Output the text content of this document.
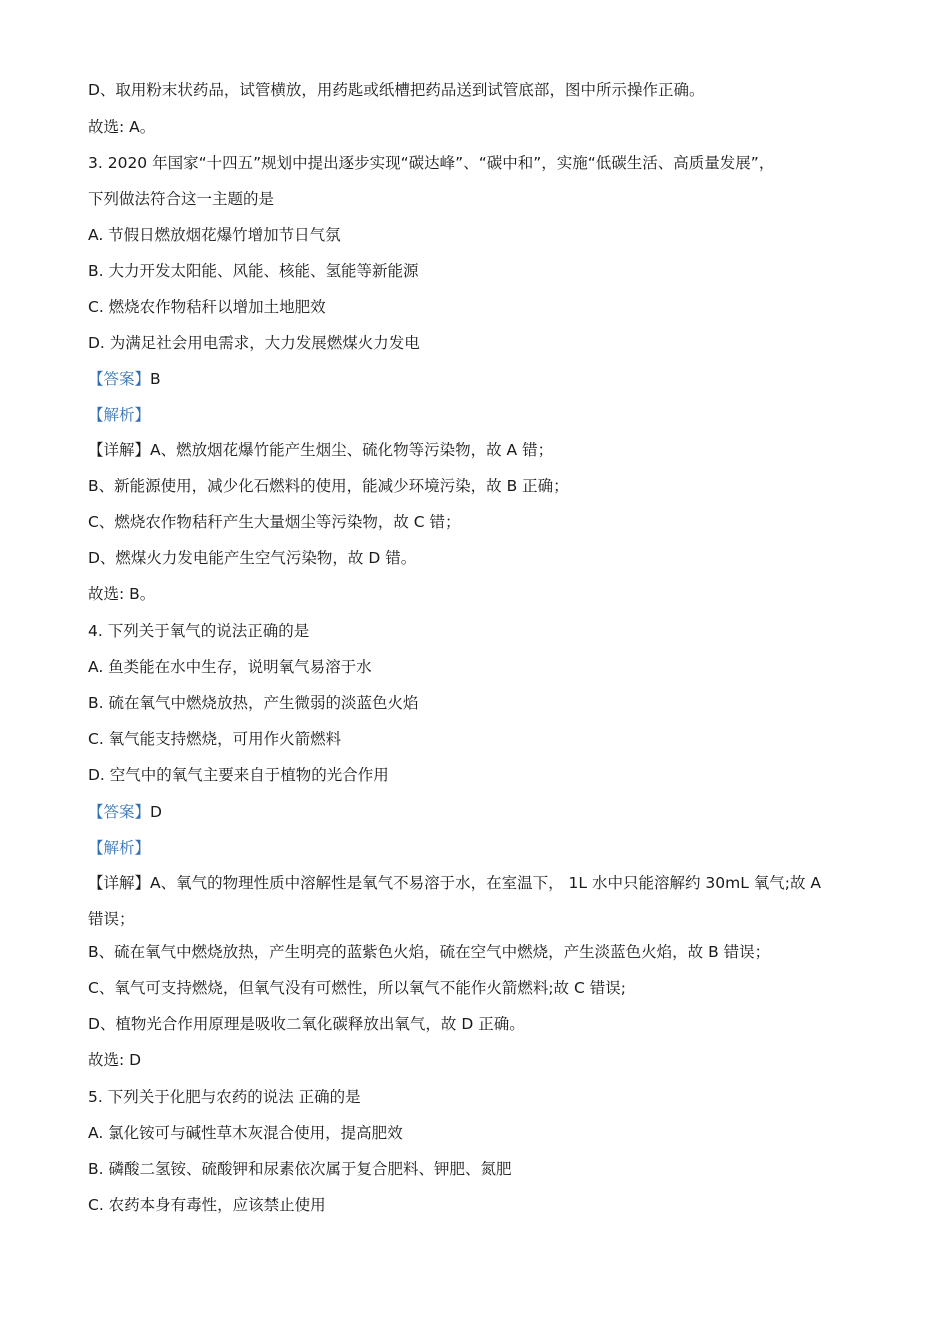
D、取用粉末状药品，试管横放，用药匙或纸槽把药品送到试管底部，图中所示操作正确。
故选: A。
3. 2020 年国家“十四五”规划中提出逐步实现“碳达峰”、“碳中和”，实施“低碳生活、高质量发展”，
下列做法符合这一主题的是
A. 节假日燃放烟花爆竹增加节日气氛
B. 大力开发太阳能、风能、核能、氢能等新能源
C. 燃烧农作物秸秆以增加土地肥效
D. 为满足社会用电需求，大力发展燃煤火力发电
【答案】B
【解析】
【详解】A、燃放烟花爆竹能产生烟尘、硫化物等污染物，故 A 错；
B、新能源使用，减少化石燃料的使用，能减少环境污染，故 B 正确；
C、燃烧农作物秸秆产生大量烟尘等污染物，故 C 错；
D、燃煤火力发电能产生空气污染物，故 D 错。
故选: B。
4. 下列关于氧气的说法正确的是
A. 鱼类能在水中生存，说明氧气易溶于水
B. 硫在氧气中燃烧放热，产生微弱的淡蓝色火焰
C. 氧气能支持燃烧，可用作火箭燃料
D. 空气中的氧气主要来自于植物的光合作用
【答案】D
【解析】
【详解】A、氧气的物理性质中溶解性是氧气不易溶于水，在室温下， 1L 水中只能溶解约 30mL 氧气;故 A
错误；
B、硫在氧气中燃烧放热，产生明亮的蓝紫色火焰，硫在空气中燃烧，产生淡蓝色火焰，故 B 错误；
C、氧气可支持燃烧，但氧气没有可燃性，所以氧气不能作火箭燃料;故 C 错误;
D、植物光合作用原理是吸收二氧化碳释放出氧气，故 D 正确。
故选: D
5. 下列关于化肥与农药的说法 正确的是
A. 氯化铵可与碱性草木灰混合使用，提高肥效
B. 磷酸二氢铵、硫酸钾和尿素依次属于复合肥料、钾肥、氮肥
C. 农药本身有毒性，应该禁止使用
